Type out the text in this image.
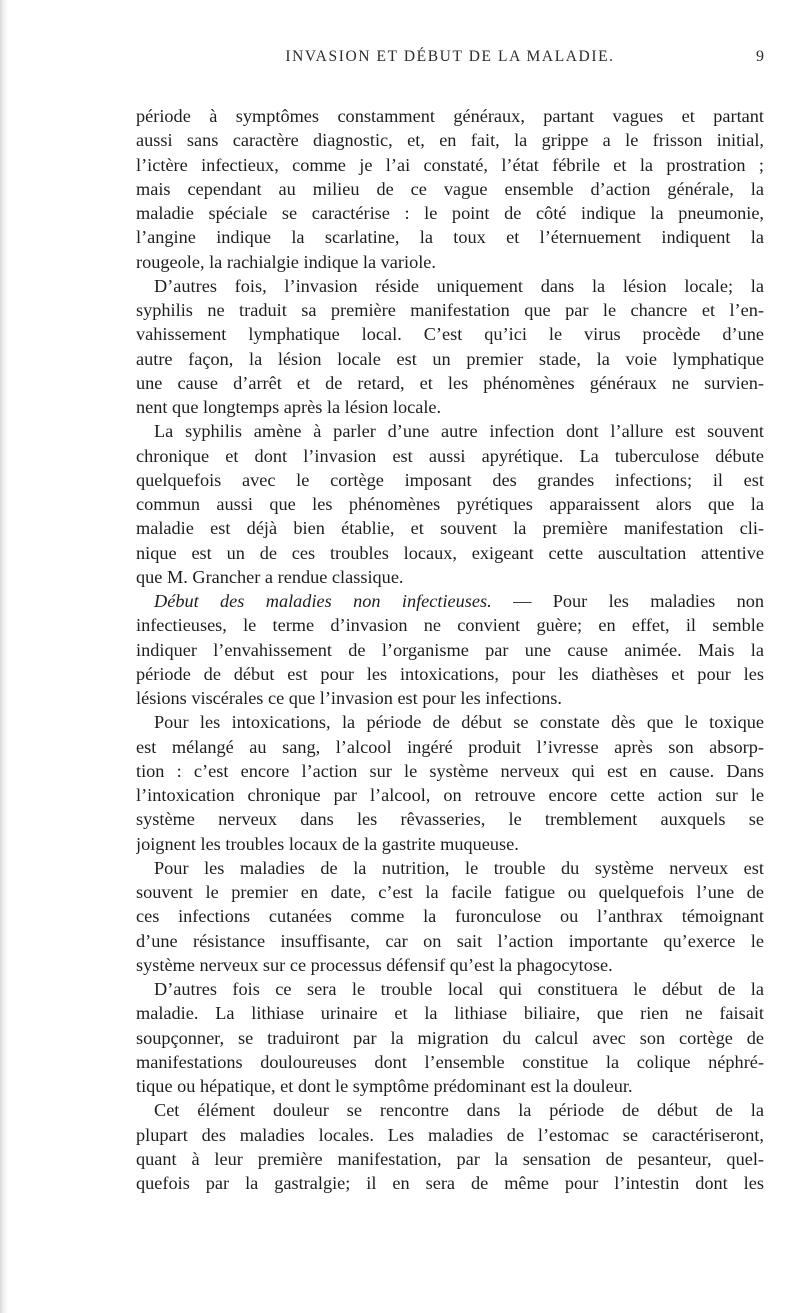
INVASION ET DÉBUT DE LA MALADIE.	9
période à symptômes constamment généraux, partant vagues et partant
aussi sans caractère diagnostic, et, en fait, la grippe a le frisson initial,
l’ictère infectieux, comme je l’ai constaté, l’état fébrile et la prostration ;
mais cependant au milieu de ce vague ensemble d’action générale, la
maladie spéciale se caractérise : le point de côté indique la pneumonie,
l’angine indique la scarlatine, la toux et l’éternuement indiquent la
rougeole, la rachialgie indique la variole.
D’autres fois, l’invasion réside uniquement dans la lésion locale; la
syphilis ne traduit sa première manifestation que par le chancre et l’en-
vahissement lymphatique local. C’est qu’ici le virus procède d’une
autre façon, la lésion locale est un premier stade, la voie lymphatique
une cause d’arrêt et de retard, et les phénomènes généraux ne survien-
nent que longtemps après la lésion locale.
La syphilis amène à parler d’une autre infection dont l’allure est souvent
chronique et dont l’invasion est aussi apyrétique. La tuberculose débute
quelquefois avec le cortège imposant des grandes infections; il est
commun aussi que les phénomènes pyrétiques apparaissent alors que la
maladie est déjà bien établie, et souvent la première manifestation cli-
nique est un de ces troubles locaux, exigeant cette auscultation attentive
que M. Grancher a rendue classique.
Début des maladies non infectieuses. — Pour les maladies non
infectieuses, le terme d’invasion ne convient guère; en effet, il semble
indiquer l’envahissement de l’organisme par une cause animée. Mais la
période de début est pour les intoxications, pour les diathèses et pour les
lésions viscérales ce que l’invasion est pour les infections.
Pour les intoxications, la période de début se constate dès que le toxique
est mélangé au sang, l’alcool ingéré produit l’ivresse après son absorp-
tion : c’est encore l’action sur le système nerveux qui est en cause. Dans
l’intoxication chronique par l’alcool, on retrouve encore cette action sur le
système nerveux dans les rêvasseries, le tremblement auxquels se
joignent les troubles locaux de la gastrite muqueuse.
Pour les maladies de la nutrition, le trouble du système nerveux est
souvent le premier en date, c’est la facile fatigue ou quelquefois l’une de
ces infections cutanées comme la furonculose ou l’anthrax témoignant
d’une résistance insuffisante, car on sait l’action importante qu’exerce le
système nerveux sur ce processus défensif qu’est la phagocytose.
D’autres fois ce sera le trouble local qui constituera le début de la
maladie. La lithiase urinaire et la lithiase biliaire, que rien ne faisait
soupçonner, se traduiront par la migration du calcul avec son cortège de
manifestations douloureuses dont l’ensemble constitue la colique néphré-
tique ou hépatique, et dont le symptôme prédominant est la douleur.
Cet élément douleur se rencontre dans la période de début de la
plupart des maladies locales. Les maladies de l’estomac se caractériseront,
quant à leur première manifestation, par la sensation de pesanteur, quel-
quefois par la gastralgie; il en sera de même pour l’intestin dont les
